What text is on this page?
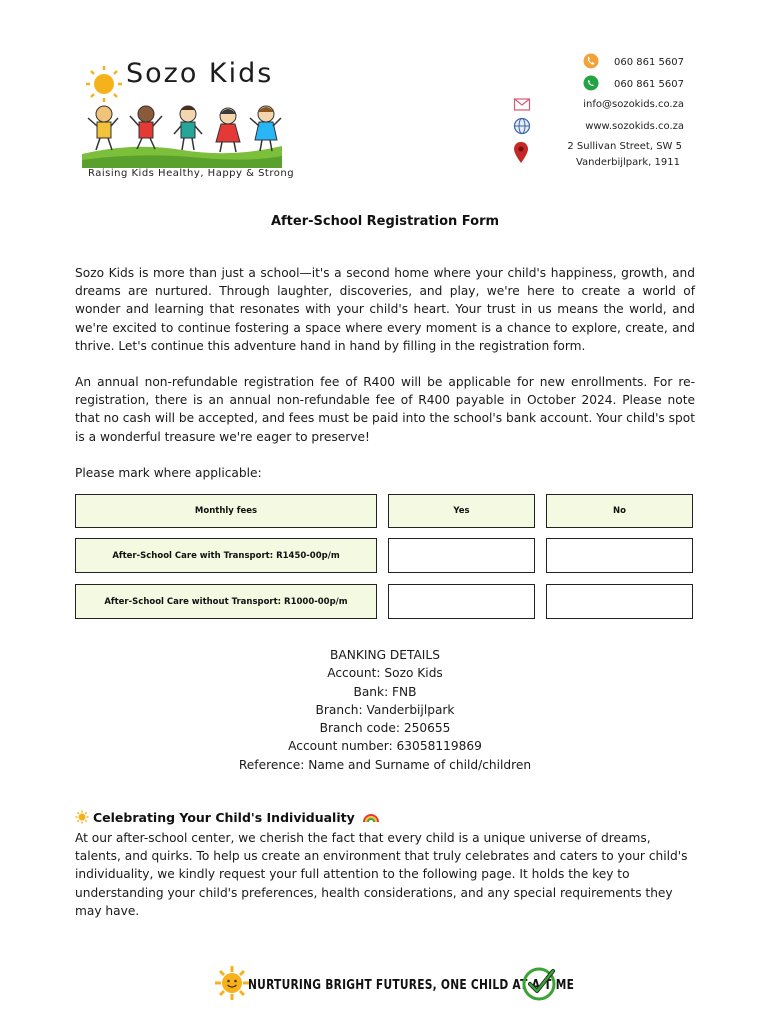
Sozo Kids
Raising Kids Healthy, Happy & Strong
060 861 5607
060 861 5607
info@sozokids.co.za
www.sozokids.co.za
2 Sullivan Street, SW 5
Vanderbijlpark, 1911
After-School Registration Form
Sozo Kids is more than just a school—it's a second home where your child's happiness, growth, and dreams are nurtured. Through laughter, discoveries, and play, we're here to create a world of wonder and learning that resonates with your child's heart. Your trust in us means the world, and we're excited to continue fostering a space where every moment is a chance to explore, create, and thrive. Let's continue this adventure hand in hand by filling in the registration form.
An annual non-refundable registration fee of R400 will be applicable for new enrollments. For re-registration, there is an annual non-refundable fee of R400 payable in October 2024. Please note that no cash will be accepted, and fees must be paid into the school's bank account. Your child's spot is a wonderful treasure we're eager to preserve!
Please mark where applicable:
Monthly fees	Yes	No
After-School Care with Transport: R1450-00p/m
After-School Care without Transport: R1000-00p/m
BANKING DETAILS
Account: Sozo Kids
Bank: FNB
Branch: Vanderbijlpark
Branch code: 250655
Account number: 63058119869
Reference: Name and Surname of child/children
Celebrating Your Child's Individuality
At our after-school center, we cherish the fact that every child is a unique universe of dreams, talents, and quirks. To help us create an environment that truly celebrates and caters to your child's individuality, we kindly request your full attention to the following page. It holds the key to understanding your child's preferences, health considerations, and any special requirements they may have.
NURTURING BRIGHT FUTURES, ONE CHILD AT A TIME
